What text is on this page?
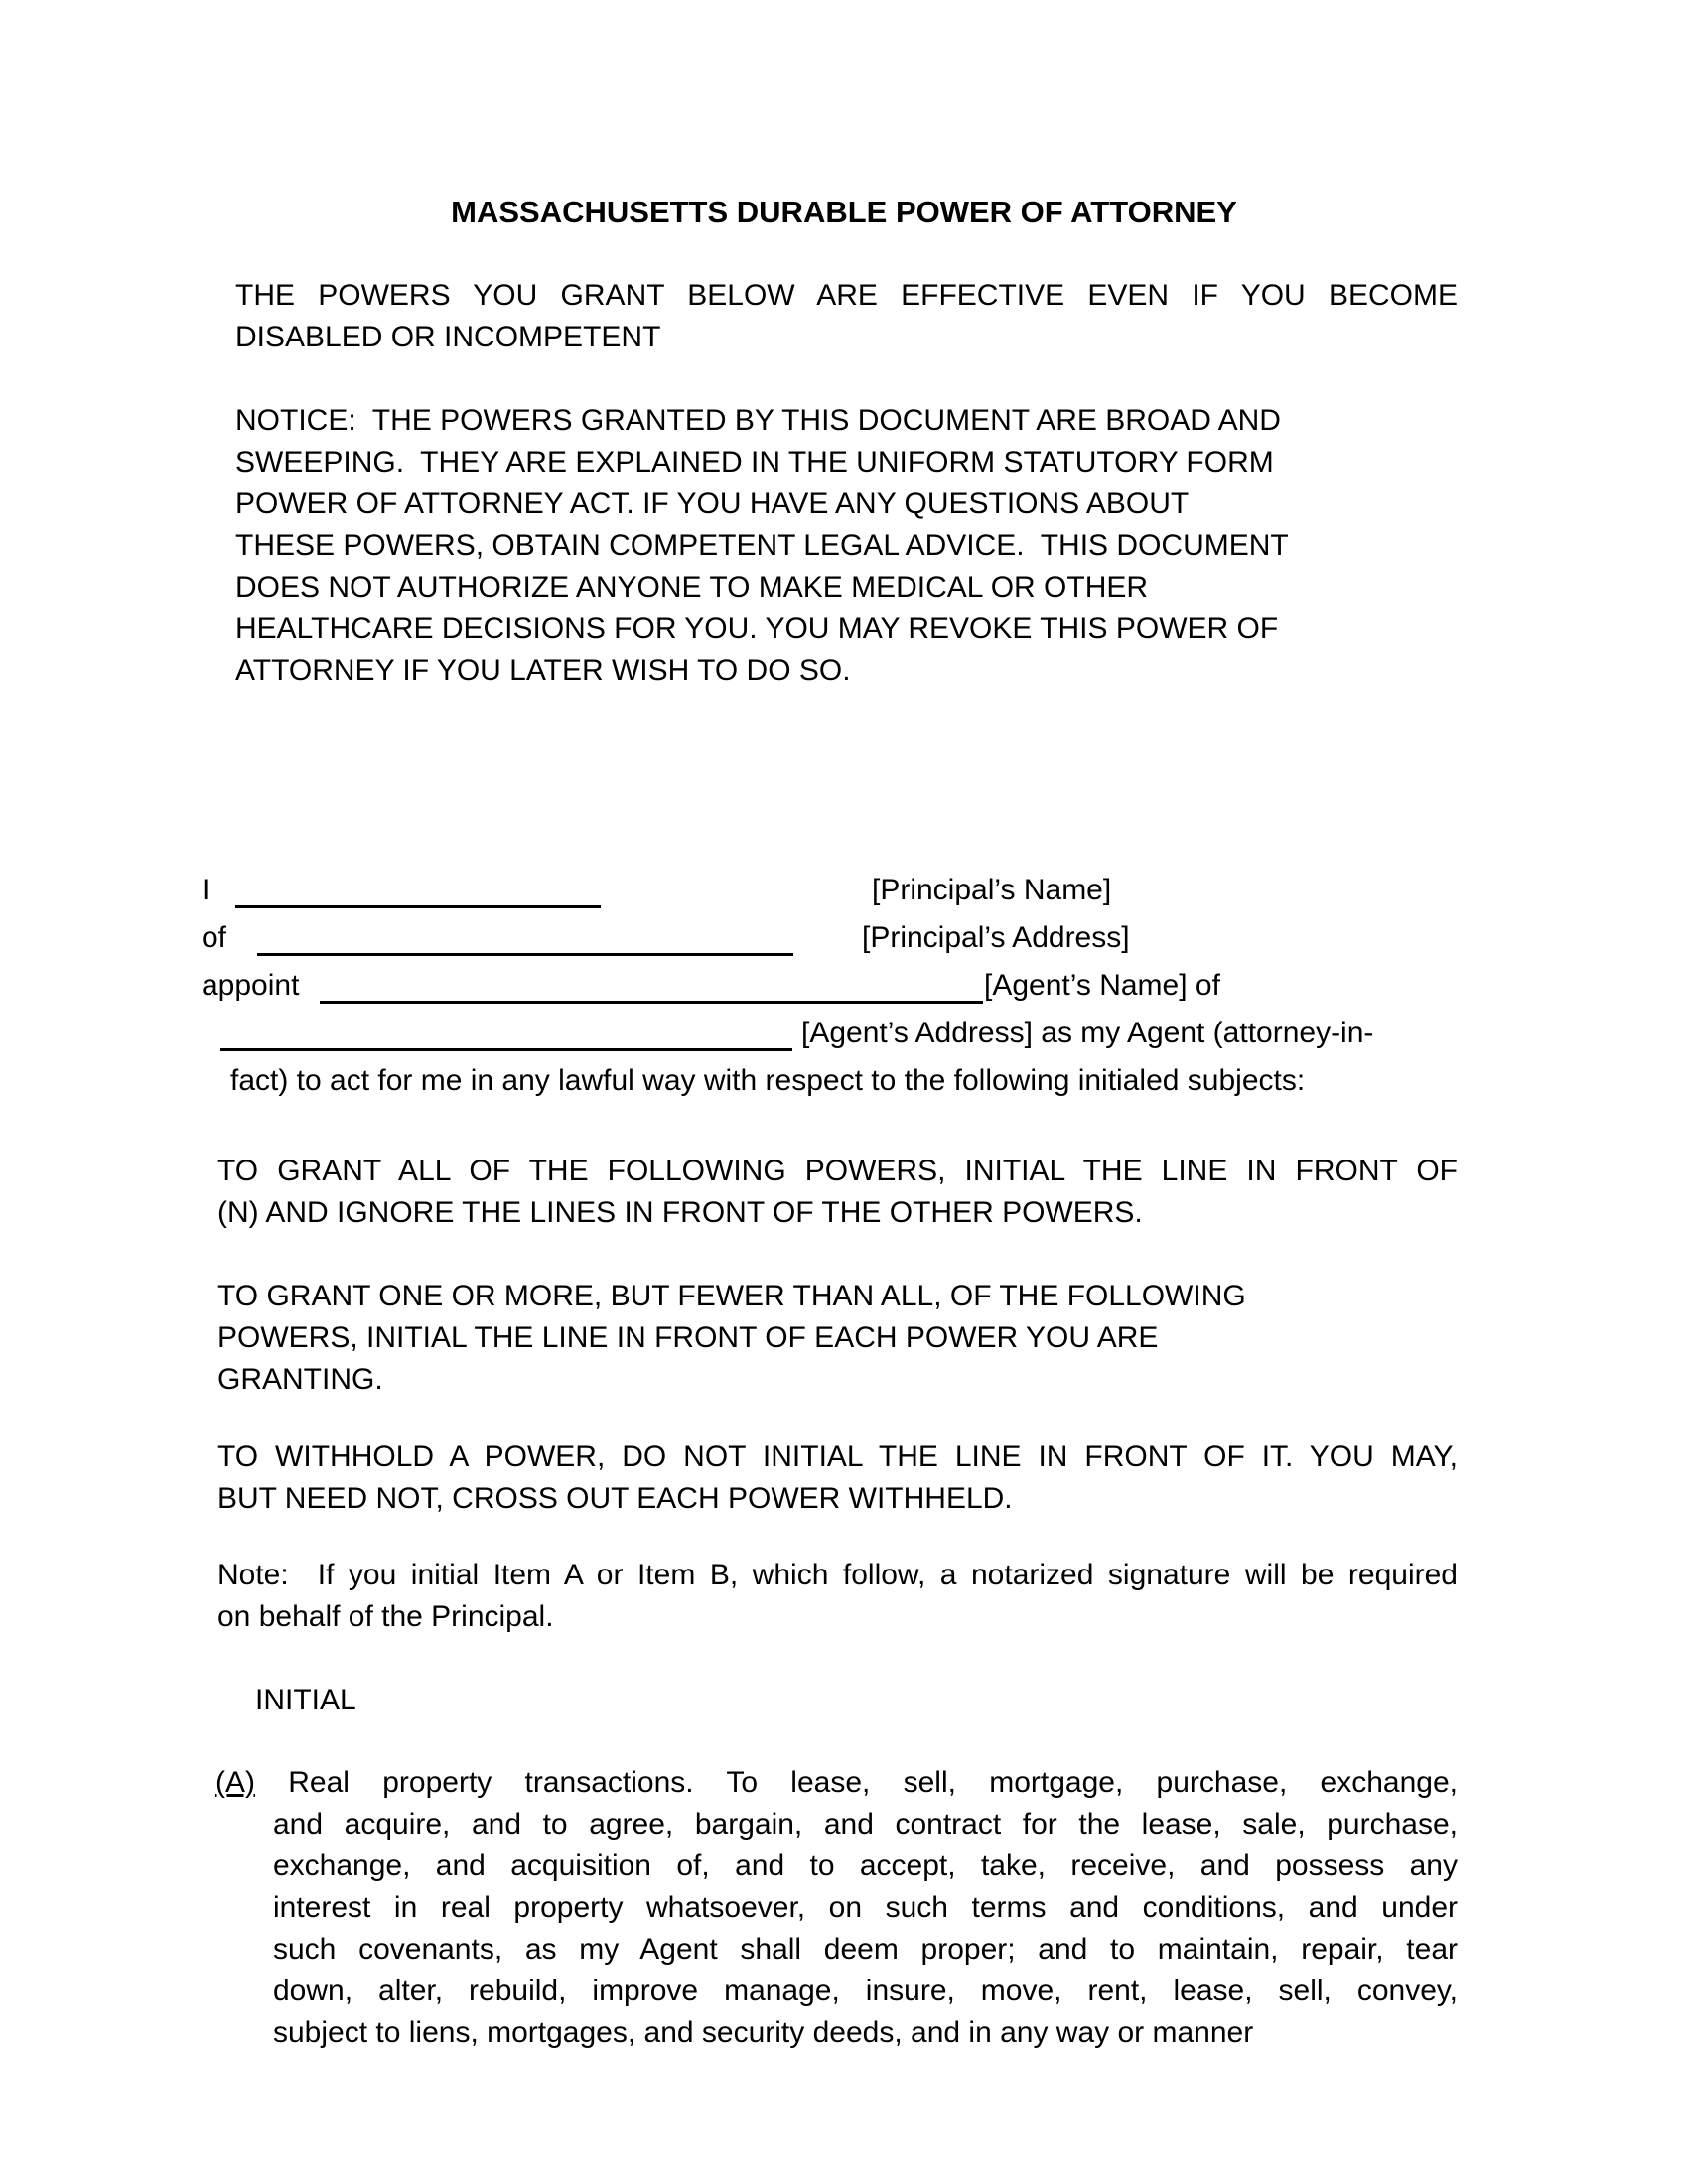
MASSACHUSETTS DURABLE POWER OF ATTORNEY
THE POWERS YOU GRANT BELOW ARE EFFECTIVE EVEN IF YOU BECOME
DISABLED OR INCOMPETENT
NOTICE:  THE POWERS GRANTED BY THIS DOCUMENT ARE BROAD AND
SWEEPING.  THEY ARE EXPLAINED IN THE UNIFORM STATUTORY FORM
POWER OF ATTORNEY ACT. IF YOU HAVE ANY QUESTIONS ABOUT
THESE POWERS, OBTAIN COMPETENT LEGAL ADVICE.  THIS DOCUMENT
DOES NOT AUTHORIZE ANYONE TO MAKE MEDICAL OR OTHER
HEALTHCARE DECISIONS FOR YOU. YOU MAY REVOKE THIS POWER OF
ATTORNEY IF YOU LATER WISH TO DO SO.
I	[Principal’s Name]
of	[Principal’s Address]
appoint	[Agent’s Name] of
[Agent’s Address] as my Agent (attorney-in-
fact) to act for me in any lawful way with respect to the following initialed subjects:
TO GRANT ALL OF THE FOLLOWING POWERS, INITIAL THE LINE IN FRONT OF
(N) AND IGNORE THE LINES IN FRONT OF THE OTHER POWERS.
TO GRANT ONE OR MORE, BUT FEWER THAN ALL, OF THE FOLLOWING
POWERS, INITIAL THE LINE IN FRONT OF EACH POWER YOU ARE
GRANTING.
TO WITHHOLD A POWER, DO NOT INITIAL THE LINE IN FRONT OF IT. YOU MAY,
BUT NEED NOT, CROSS OUT EACH POWER WITHHELD.
Note:  If you initial Item A or Item B, which follow, a notarized signature will be required
on behalf of the Principal.
INITIAL
(A) Real property transactions. To lease, sell, mortgage, purchase, exchange,
and acquire, and to agree, bargain, and contract for the lease, sale, purchase,
exchange, and acquisition of, and to accept, take, receive, and possess any
interest in real property whatsoever, on such terms and conditions, and under
such covenants, as my Agent shall deem proper; and to maintain, repair, tear
down, alter, rebuild, improve manage, insure, move, rent, lease, sell, convey,
subject to liens, mortgages, and security deeds, and in any way or manner
